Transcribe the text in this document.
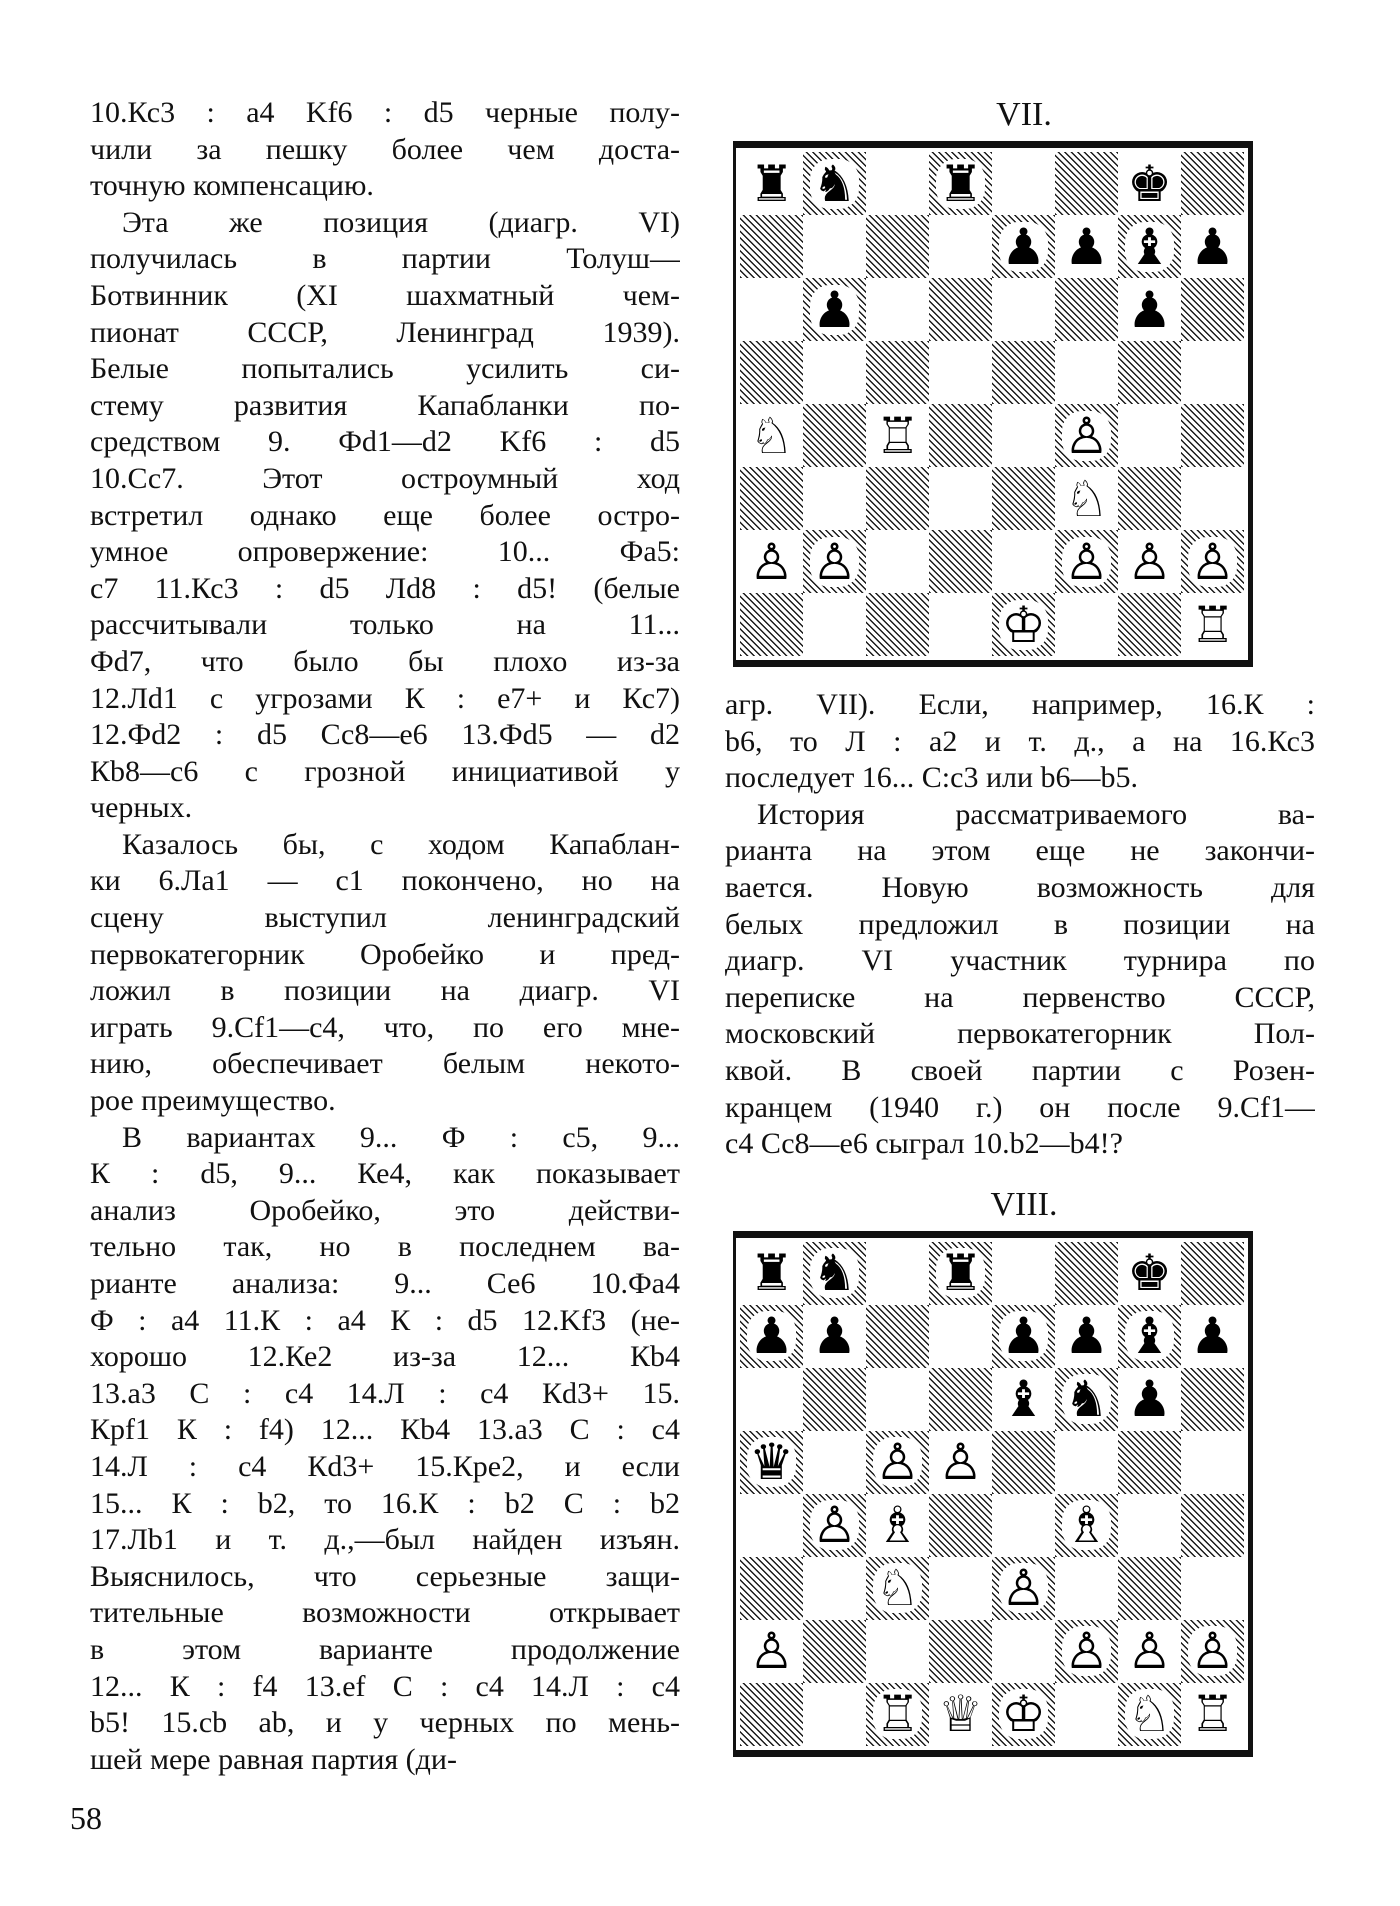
10.Кс3 : а4 Kf6 : d5 черные полу-
чили за пешку более чем доста-
точную компенсацию.
Эта же позиция (диагр. VI)
получилась в партии Толуш—
Ботвинник (XI шахматный чем-
пионат СССР, Ленинград 1939).
Белые попытались усилить си-
стему развития Капабланки по-
средством 9. Фd1—d2 Kf6 : d5
10.Сс7. Этот остроумный ход
встретил однако еще более остро-
умное опровержение: 10... Фа5:
с7 11.Кс3 : d5 Лd8 : d5! (белые
рассчитывали только на 11...
Фd7, что было бы плохо из-за
12.Лd1 с угрозами К : е7+ и Кс7)
12.Фd2 : d5 Сс8—е6 13.Фd5 — d2
Кb8—с6 с грозной инициативой у
черных.
Казалось бы, с ходом Капаблан-
ки 6.Ла1 — с1 покончено, но на
сцену выступил ленинградский
первокатегорник Оробейко и пред-
ложил в позиции на диагр. VI
играть 9.Cf1—с4, что, по его мне-
нию, обеспечивает белым некото-
рое преимущество.
В вариантах 9... Ф : с5, 9...
К : d5, 9... Ке4, как показывает
анализ Оробейко, это действи-
тельно так, но в последнем ва-
рианте анализа: 9... Се6 10.Фа4
Ф : а4 11.К : а4 К : d5 12.Kf3 (не-
хорошо 12.Ке2 из-за 12... Кb4
13.а3 С : с4 14.Л : с4 Кd3+ 15.
Крf1 К : f4) 12... Кb4 13.а3 С : с4
14.Л : с4 Кd3+ 15.Кре2, и если
15... К : b2, то 16.К : b2 С : b2
17.Лb1 и т. д.,—был найден изъян.
Выяснилось, что серьезные защи-
тительные возможности открывает
в этом варианте продолжение
12... К : f4 13.ef С : с4 14.Л : с4
b5! 15.cb ab, и у черных по мень-
шей мере равная партия (ди-
VII.
♜ ♞ ♜	♚
♟ ♟ ♝ ♟
♟	♟
♘ ♖	♙
♘
♙ ♙	♙ ♙ ♙
♔	♖
агр. VII). Если, например, 16.К :
b6, то Л : а2 и т. д., а на 16.Кс3
последует 16... С:с3 или b6—b5.
История рассматриваемого ва-
рианта на этом еще не закончи-
вается. Новую возможность для
белых предложил в позиции на
диагр. VI участник турнира по
переписке на первенство СССР,
московский первокатегорник Пол-
квой. В своей партии с Розен-
кранцем (1940 г.) он после 9.Cf1—
с4 Сс8—е6 сыграл 10.b2—b4!?
VIII.
♜ ♞ ♜	♚
♟ ♟	♟ ♟ ♝ ♟
♝ ♞ ♟
♛ ♙ ♙
♙ ♗	♗
♘ ♙
♙	♙ ♙ ♙
♖ ♕ ♔ ♘ ♖
58
